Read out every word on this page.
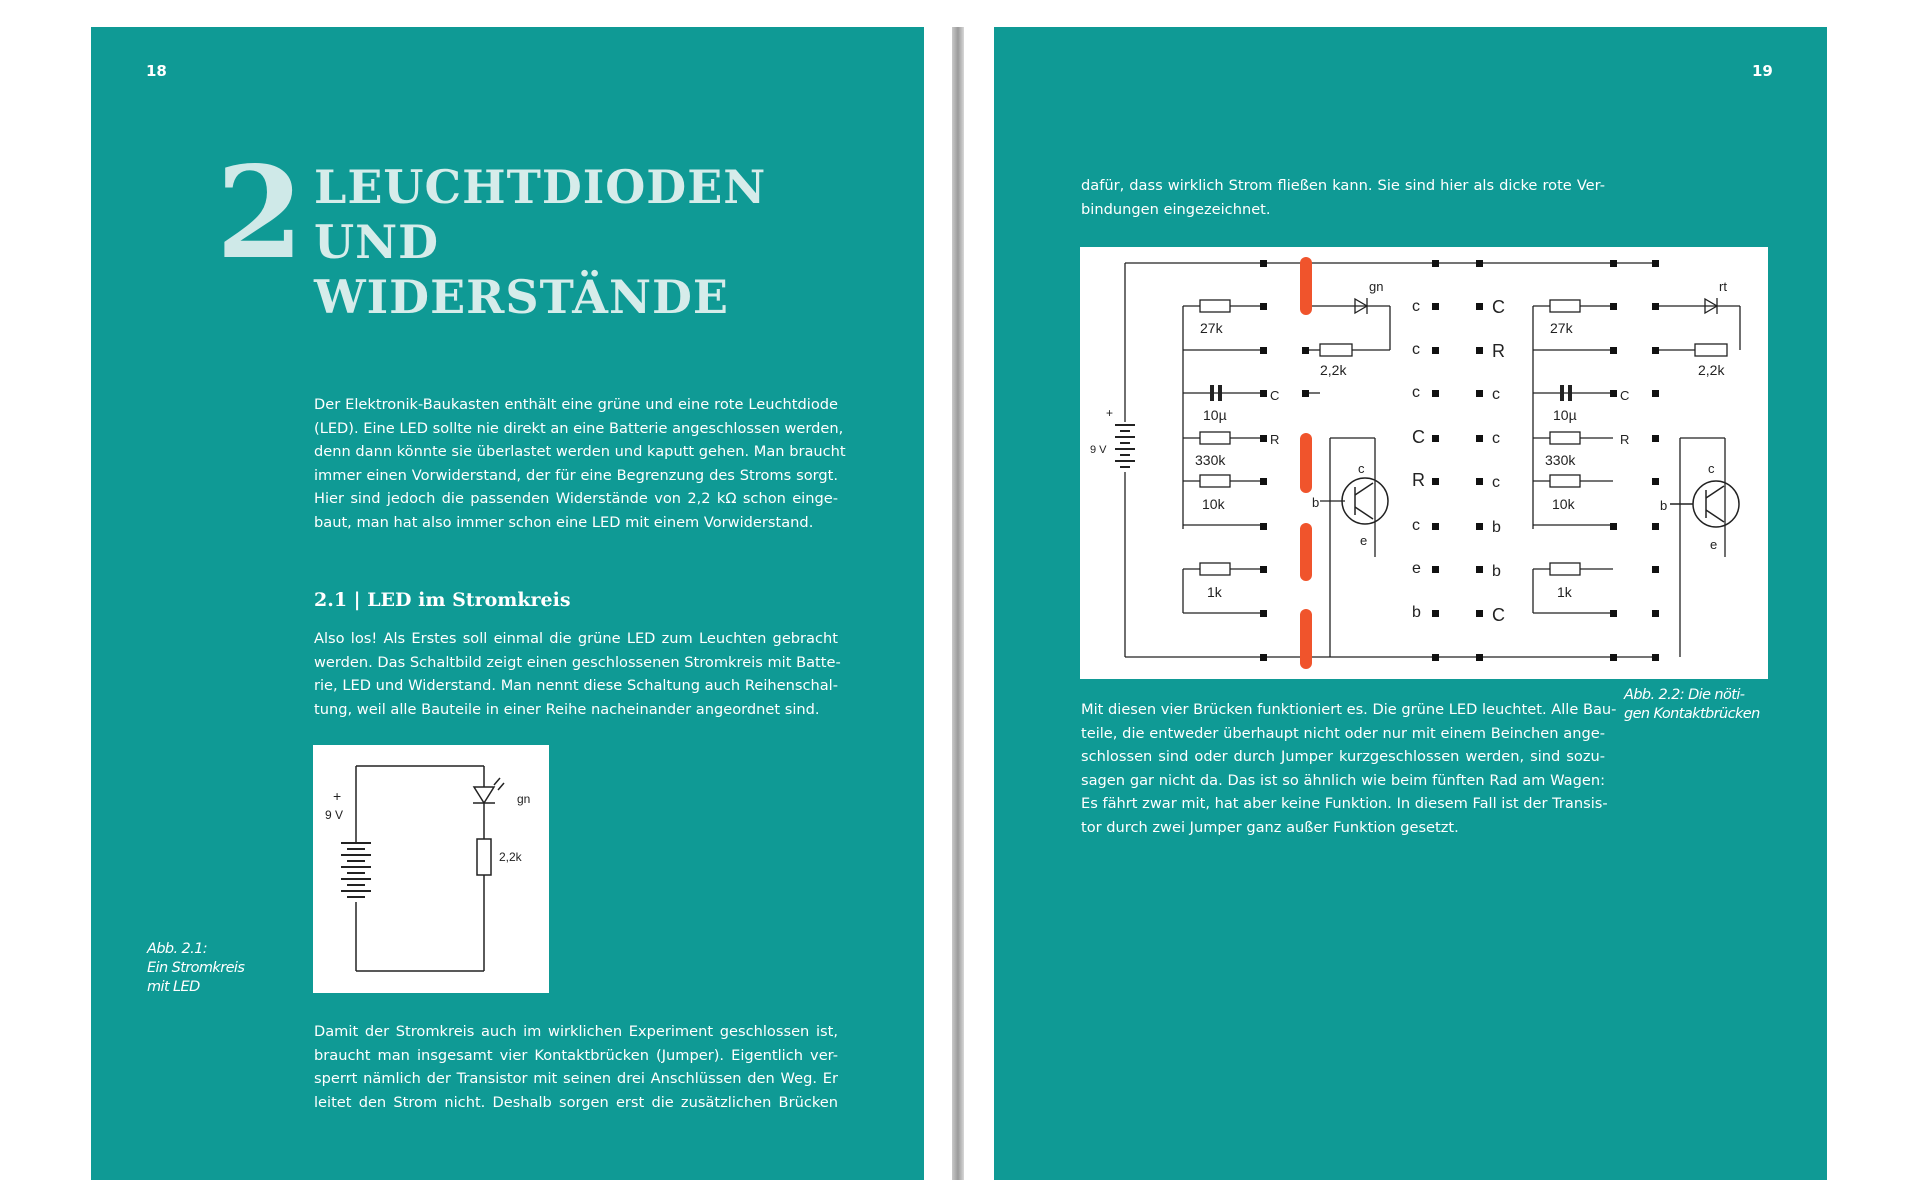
18
2 LEUCHTDIODEN
UND
WIDERSTÄNDE
Der Elektronik-Baukasten enthält eine grüne und eine rote Leuchtdiode
(LED). Eine LED sollte nie direkt an eine Batterie angeschlossen werden,
denn dann könnte sie überlastet werden und kaputt gehen. Man braucht
immer einen Vorwiderstand, der für eine Begrenzung des Stroms sorgt.
Hier sind jedoch die passenden Widerstände von 2,2 kΩ schon einge-
baut, man hat also immer schon eine LED mit einem Vorwiderstand.
2.1 | LED im Stromkreis
Also los! Als Erstes soll einmal die grüne LED zum Leuchten gebracht
werden. Das Schaltbild zeigt einen geschlossenen Stromkreis mit Batte-
rie, LED und Widerstand. Man nennt diese Schaltung auch Reihenschal-
tung, weil alle Bauteile in einer Reihe nacheinander angeordnet sind.
+
9 V
gn
2,2k
Abb. 2.1:
Ein Stromkreis
mit LED
Damit der Stromkreis auch im wirklichen Experiment geschlossen ist,
braucht man insgesamt vier Kontaktbrücken (Jumper). Eigentlich ver-
sperrt nämlich der Transistor mit seinen drei Anschlüssen den Weg. Er
leitet den Strom nicht. Deshalb sorgen erst die zusätzlichen Brücken
19
dafür, dass wirklich Strom fließen kann. Sie sind hier als dicke rote Ver-
bindungen eingezeichnet.
+
9 V
27k	27k
2,2k	2,2k
10µ	10µ
330k	330k
10k	10k
1k	1k
gn	rt
C
R
C
R
c
b
e
c
b
e
c
c
c
C
R
c
e
b
C
R
c
c
c
b
b
C
Abb. 2.2: Die nöti-
gen Kontaktbrücken
Mit diesen vier Brücken funktioniert es. Die grüne LED leuchtet. Alle Bau-
teile, die entweder überhaupt nicht oder nur mit einem Beinchen ange-
schlossen sind oder durch Jumper kurzgeschlossen werden, sind sozu-
sagen gar nicht da. Das ist so ähnlich wie beim fünften Rad am Wagen:
Es fährt zwar mit, hat aber keine Funktion. In diesem Fall ist der Transis-
tor durch zwei Jumper ganz außer Funktion gesetzt.
